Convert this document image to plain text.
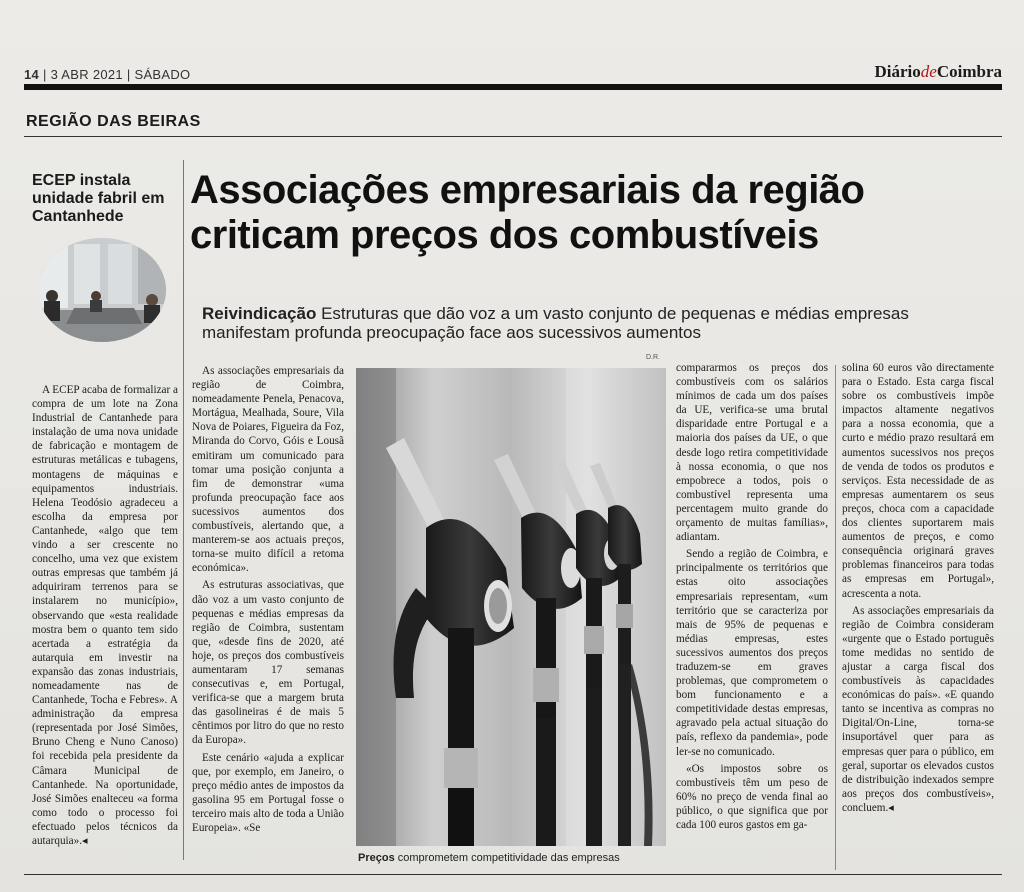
14 | 3 ABR 2021 | SÁBADO	DiáriodeCoimbra
REGIÃO DAS BEIRAS
ECEP instala unidade fabril em Cantanhede

A ECEP acaba de formalizar a compra de um lote na Zona Industrial de Cantanhede para instalação de uma nova unidade de fabricação e montagem de estruturas metálicas e tubagens, montagens de máquinas e equipamentos industriais. Helena Teodósio agradeceu a escolha da empresa por Cantanhede, «algo que tem vindo a ser crescente no concelho, uma vez que existem outras empresas que também já adquiriram terrenos para se instalarem no município», observando que «esta realidade mostra bem o quanto tem sido acertada a estratégia da autarquia em investir na expansão das zonas industriais, nomeadamente nas de Cantanhede, Tocha e Febres». A administração da empresa (representada por José Simões, Bruno Cheng e Nuno Canoso) foi recebida pela presidente da Câmara Municipal de Cantanhede. Na oportunidade, José Simões enalteceu «a forma como todo o processo foi efectuado pelos técnicos da autarquia».◂

Associações empresariais da região criticam preços dos combustíveis
Reivindicação Estruturas que dão voz a um vasto conjunto de pequenas e médias empresas manifestam profunda preocupação face aos sucessivos aumentos

As associações empresariais da região de Coimbra, nomeadamente Penela, Penacova, Mortágua, Mealhada, Soure, Vila Nova de Poiares, Figueira da Foz, Miranda do Corvo, Góis e Lousã emitiram um comunicado para tomar uma posição conjunta a fim de demonstrar «uma profunda preocupação face aos sucessivos aumentos dos combustíveis, alertando que, a manterem-se aos actuais preços, torna-se muito difícil a retoma económica».

As estruturas associativas, que dão voz a um vasto conjunto de pequenas e médias empresas da região de Coimbra, sustentam que, «desde fins de 2020, até hoje, os preços dos combustíveis aumentaram 17 semanas consecutivas e, em Portugal, verifica-se que a margem bruta das gasolineiras é de mais 5 cêntimos por litro do que no resto da Europa».

Este cenário «ajuda a explicar que, por exemplo, em Janeiro, o preço médio antes de impostos da gasolina 95 em Portugal fosse o terceiro mais alto de toda a União Europeia». «Se

D.R.
Preços comprometem competitividade das empresas

compararmos os preços dos combustíveis com os salários mínimos de cada um dos países da UE, verifica-se uma brutal disparidade entre Portugal e a maioria dos países da UE, o que desde logo retira competitividade à nossa economia, o que nos empobrece a todos, pois o combustível representa uma percentagem muito grande do orçamento de muitas famílias», adiantam.

Sendo a região de Coimbra, e principalmente os territórios que estas oito associações empresariais representam, «um território que se caracteriza por mais de 95% de pequenas e médias empresas, estes sucessivos aumentos dos preços traduzem-se em graves problemas, que comprometem o bom funcionamento e a competitividade destas empresas, agravado pela actual situação do país, reflexo da pandemia», pode ler-se no comunicado.

«Os impostos sobre os combustíveis têm um peso de 60% no preço de venda final ao público, o que significa que por cada 100 euros gastos em ga-

solina 60 euros vão directamente para o Estado. Esta carga fiscal sobre os combustíveis impõe impactos altamente negativos para a nossa economia, que a curto e médio prazo resultará em aumentos sucessivos nos preços de venda de todos os produtos e serviços. Esta necessidade de as empresas aumentarem os seus preços, choca com a capacidade dos clientes suportarem mais aumentos de preços, e como consequência originará graves problemas financeiros para todas as empresas em Portugal», acrescenta a nota.

As associações empresariais da região de Coimbra consideram «urgente que o Estado português tome medidas no sentido de ajustar a carga fiscal dos combustíveis às capacidades económicas do país». «E quando tanto se incentiva as compras no Digital/On-Line, torna-se insuportável quer para as empresas quer para o público, em geral, suportar os elevados custos de distribuição indexados sempre aos preços dos combustíveis», concluem.◂
